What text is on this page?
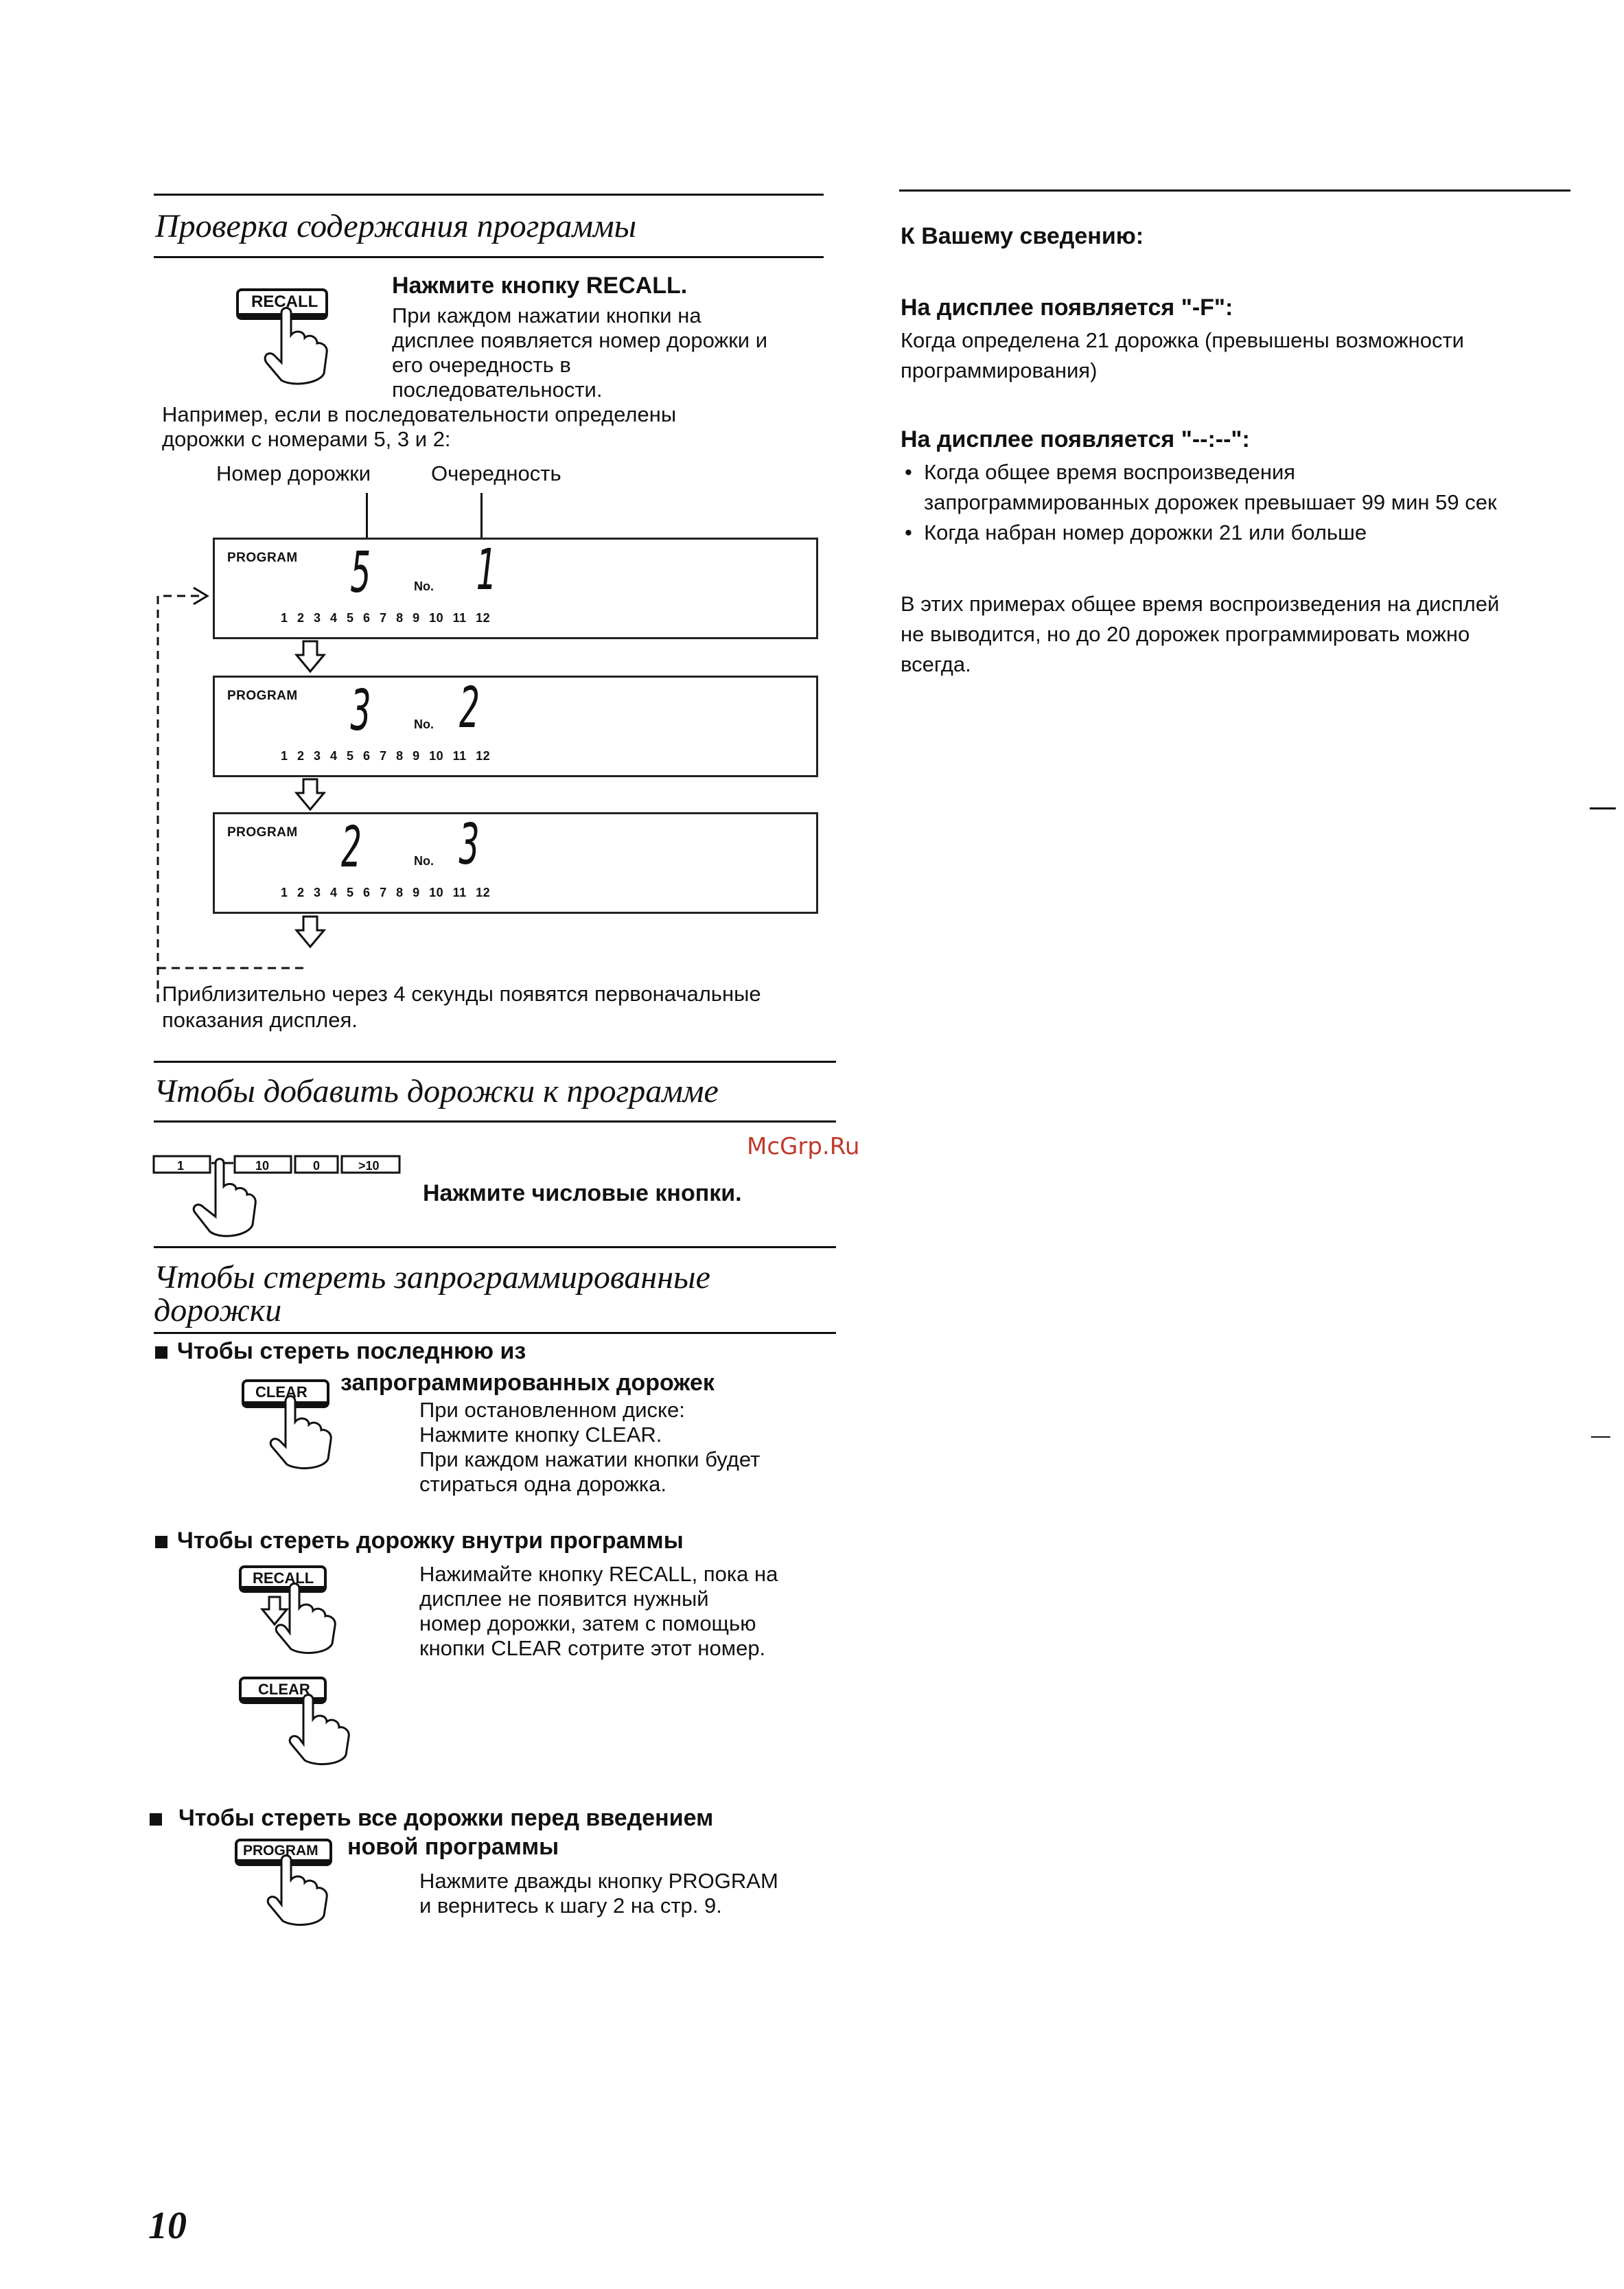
Проверка содержания программы
RECALL
Нажмите кнопку RECALL.
При каждом нажатии кнопки на
дисплее появляется номер дорожки и
его очередность в
последовательности.
Например, если в последовательности определены
дорожки с номерами 5, 3 и 2:
Номер дорожки	Очередность
PROGRAM 5	No. 1
1 2 3 4 5 6 7 8 9 10 11 12
PROGRAM 3	No. 2
1 2 3 4 5 6 7 8 9 10 11 12
PROGRAM 2	No. 3
1 2 3 4 5 6 7 8 9 10 11 12
Приблизительно через 4 секунды появятся первоначальные
показания дисплея.
Чтобы добавить дорожки к программе
1	10	0	>10
Нажмите числовые кнопки.
Чтобы стереть запрограммированные
дорожки
Чтобы стереть последнюю из
запрограммированных дорожек
CLEAR
При остановленном диске:
Нажмите кнопку CLEAR.
При каждом нажатии кнопки будет
стираться одна дорожка.
Чтобы стереть дорожку внутри программы
RECALL
CLEAR
Нажимайте кнопку RECALL, пока на
дисплее не появится нужный
номер дорожки, затем с помощью
кнопки CLEAR сотрите этот номер.
Чтобы стереть все дорожки перед введением
новой программы
PROGRAM
Нажмите дважды кнопку PROGRAM
и вернитесь к шагу 2 на стр. 9.
McGrp.Ru
10
К Вашему сведению:
На дисплее появляется "-F":
Когда определена 21 дорожка (превышены возможности
программирования)
На дисплее появляется "--:--":
•  Когда общее время воспроизведения
запрограммированных дорожек превышает 99 мин 59 сек
•  Когда набран номер дорожки 21 или больше
В этих примерах общее время воспроизведения на дисплей
не выводится, но до 20 дорожек программировать можно
всегда.
